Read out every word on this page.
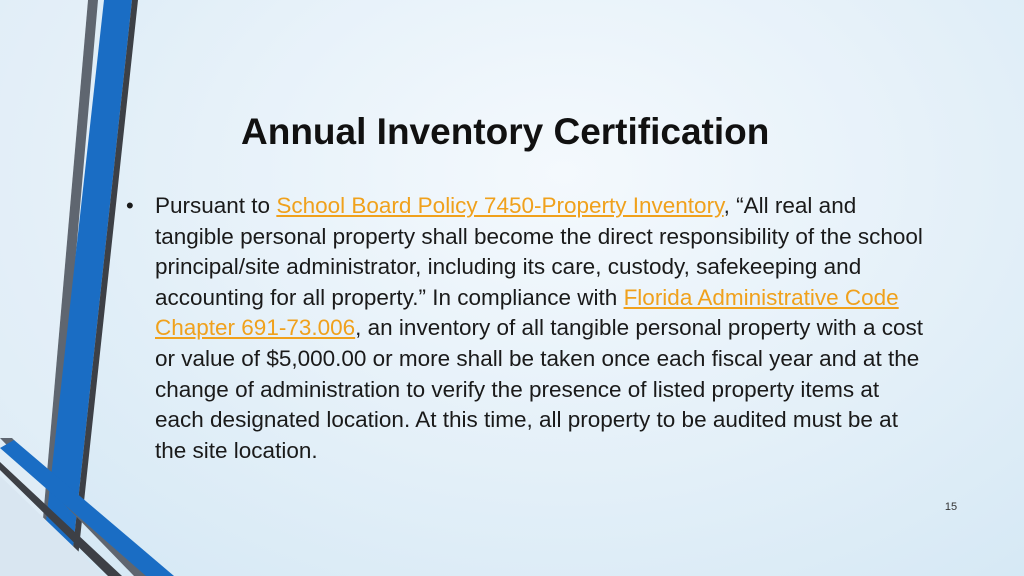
Annual Inventory Certification
• Pursuant to School Board Policy 7450-Property Inventory, “All real and tangible personal property shall become the direct responsibility of the school principal/site administrator, including its care, custody, safekeeping and accounting for all property.” In compliance with Florida Administrative Code Chapter 691-73.006, an inventory of all tangible personal property with a cost or value of $5,000.00 or more shall be taken once each fiscal year and at the change of administration to verify the presence of listed property items at each designated location. At this time, all property to be audited must be at the site location.
15
